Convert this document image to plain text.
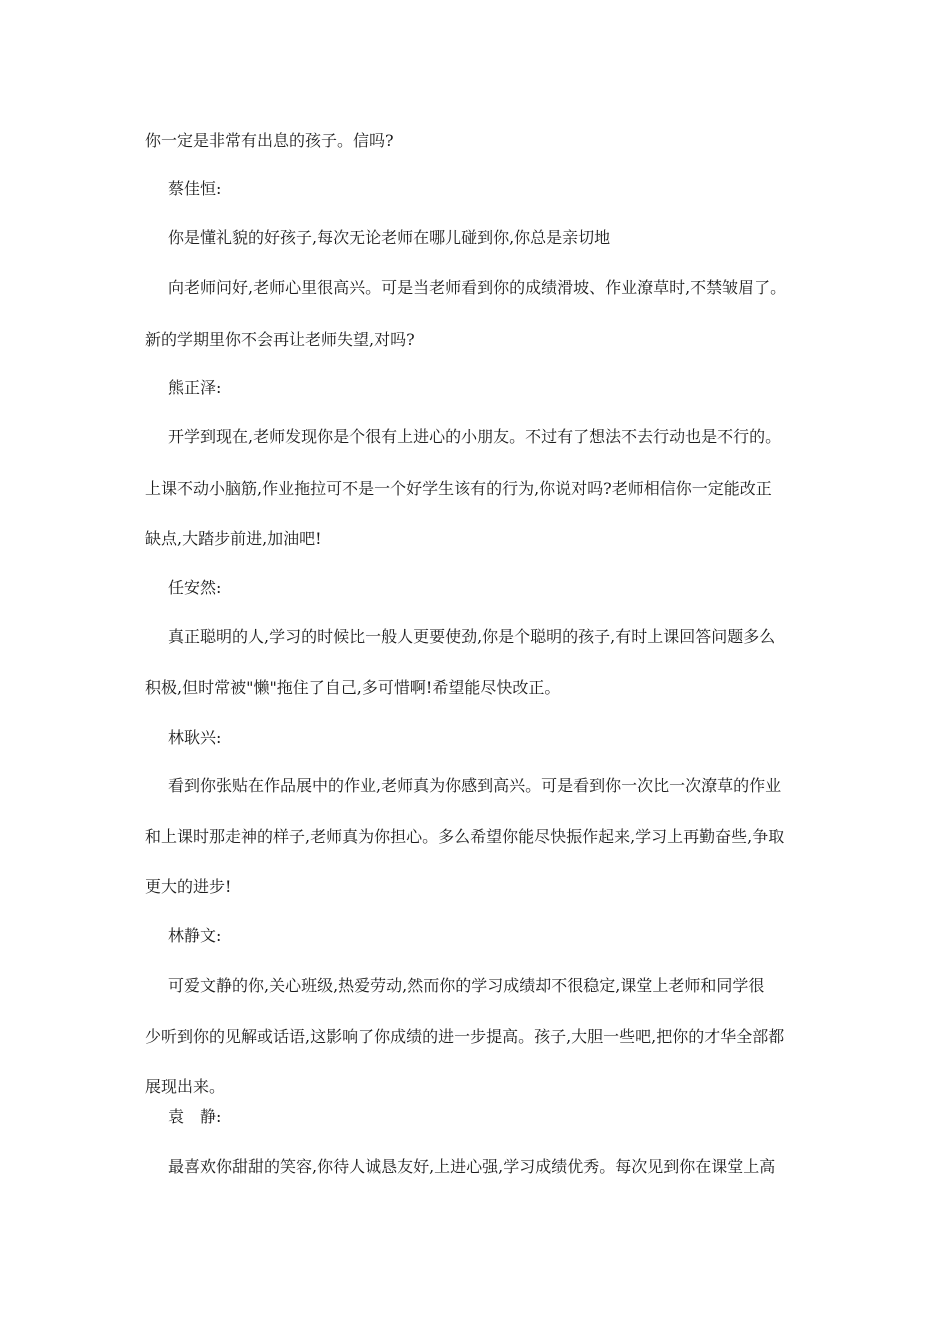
你一定是非常有出息的孩子。信吗?
蔡佳恒:
你是懂礼貌的好孩子,每次无论老师在哪儿碰到你,你总是亲切地
向老师问好,老师心里很高兴。可是当老师看到你的成绩滑坡、作业潦草时,不禁皱眉了。
新的学期里你不会再让老师失望,对吗?
熊正泽:
开学到现在,老师发现你是个很有上进心的小朋友。不过有了想法不去行动也是不行的。
上课不动小脑筋,作业拖拉可不是一个好学生该有的行为,你说对吗?老师相信你一定能改正
缺点,大踏步前进,加油吧!
任安然:
真正聪明的人,学习的时候比一般人更要使劲,你是个聪明的孩子,有时上课回答问题多么
积极,但时常被"懒"拖住了自己,多可惜啊!希望能尽快改正。
林耿兴:
看到你张贴在作品展中的作业,老师真为你感到高兴。可是看到你一次比一次潦草的作业
和上课时那走神的样子,老师真为你担心。多么希望你能尽快振作起来,学习上再勤奋些,争取
更大的进步!
林静文:
可爱文静的你,关心班级,热爱劳动,然而你的学习成绩却不很稳定,课堂上老师和同学很
少听到你的见解或话语,这影响了你成绩的进一步提高。孩子,大胆一些吧,把你的才华全部都
展现出来。
袁　静:
最喜欢你甜甜的笑容,你待人诚恳友好,上进心强,学习成绩优秀。每次见到你在课堂上高
